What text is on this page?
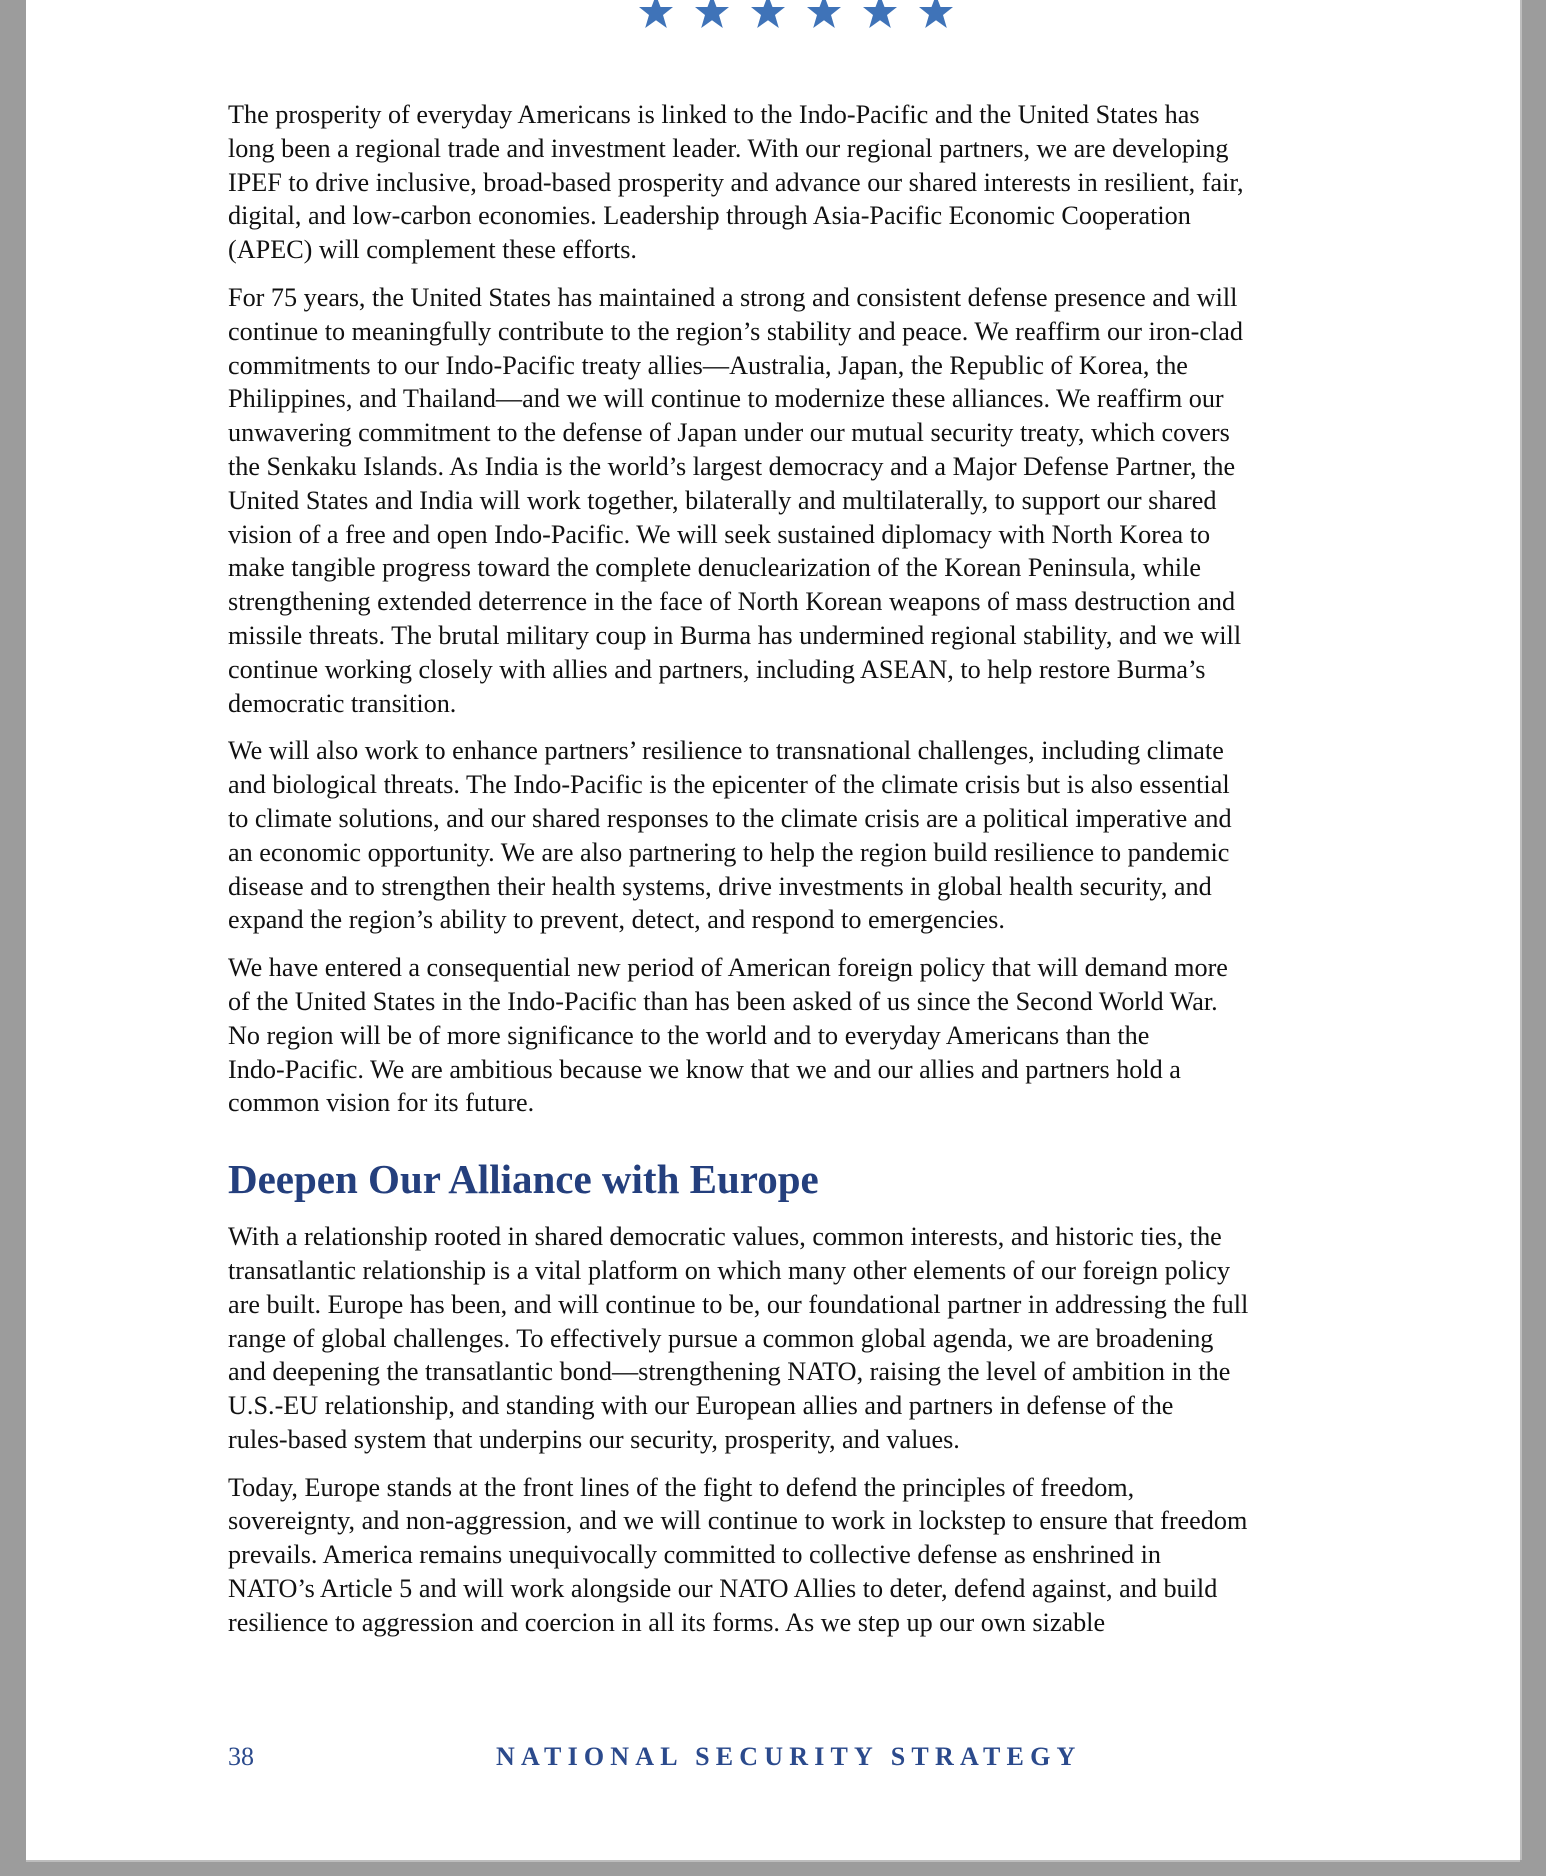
The prosperity of everyday Americans is linked to the Indo-Pacific and the United States has
long been a regional trade and investment leader. With our regional partners, we are developing
IPEF to drive inclusive, broad-based prosperity and advance our shared interests in resilient, fair,
digital, and low-carbon economies. Leadership through Asia-Pacific Economic Cooperation
(APEC) will complement these efforts.

For 75 years, the United States has maintained a strong and consistent defense presence and will
continue to meaningfully contribute to the region’s stability and peace. We reaffirm our iron-clad
commitments to our Indo-Pacific treaty allies—Australia, Japan, the Republic of Korea, the
Philippines, and Thailand—and we will continue to modernize these alliances. We reaffirm our
unwavering commitment to the defense of Japan under our mutual security treaty, which covers
the Senkaku Islands. As India is the world’s largest democracy and a Major Defense Partner, the
United States and India will work together, bilaterally and multilaterally, to support our shared
vision of a free and open Indo-Pacific. We will seek sustained diplomacy with North Korea to
make tangible progress toward the complete denuclearization of the Korean Peninsula, while
strengthening extended deterrence in the face of North Korean weapons of mass destruction and
missile threats. The brutal military coup in Burma has undermined regional stability, and we will
continue working closely with allies and partners, including ASEAN, to help restore Burma’s
democratic transition.

We will also work to enhance partners’ resilience to transnational challenges, including climate
and biological threats. The Indo-Pacific is the epicenter of the climate crisis but is also essential
to climate solutions, and our shared responses to the climate crisis are a political imperative and
an economic opportunity. We are also partnering to help the region build resilience to pandemic
disease and to strengthen their health systems, drive investments in global health security, and
expand the region’s ability to prevent, detect, and respond to emergencies.

We have entered a consequential new period of American foreign policy that will demand more
of the United States in the Indo-Pacific than has been asked of us since the Second World War.
No region will be of more significance to the world and to everyday Americans than the
Indo-Pacific. We are ambitious because we know that we and our allies and partners hold a
common vision for its future.

Deepen Our Alliance with Europe

With a relationship rooted in shared democratic values, common interests, and historic ties, the
transatlantic relationship is a vital platform on which many other elements of our foreign policy
are built. Europe has been, and will continue to be, our foundational partner in addressing the full
range of global challenges. To effectively pursue a common global agenda, we are broadening
and deepening the transatlantic bond—strengthening NATO, raising the level of ambition in the
U.S.-EU relationship, and standing with our European allies and partners in defense of the
rules-based system that underpins our security, prosperity, and values.

Today, Europe stands at the front lines of the fight to defend the principles of freedom,
sovereignty, and non-aggression, and we will continue to work in lockstep to ensure that freedom
prevails. America remains unequivocally committed to collective defense as enshrined in
NATO’s Article 5 and will work alongside our NATO Allies to deter, defend against, and build
resilience to aggression and coercion in all its forms. As we step up our own sizable

38	NATIONAL SECURITY STRATEGY
